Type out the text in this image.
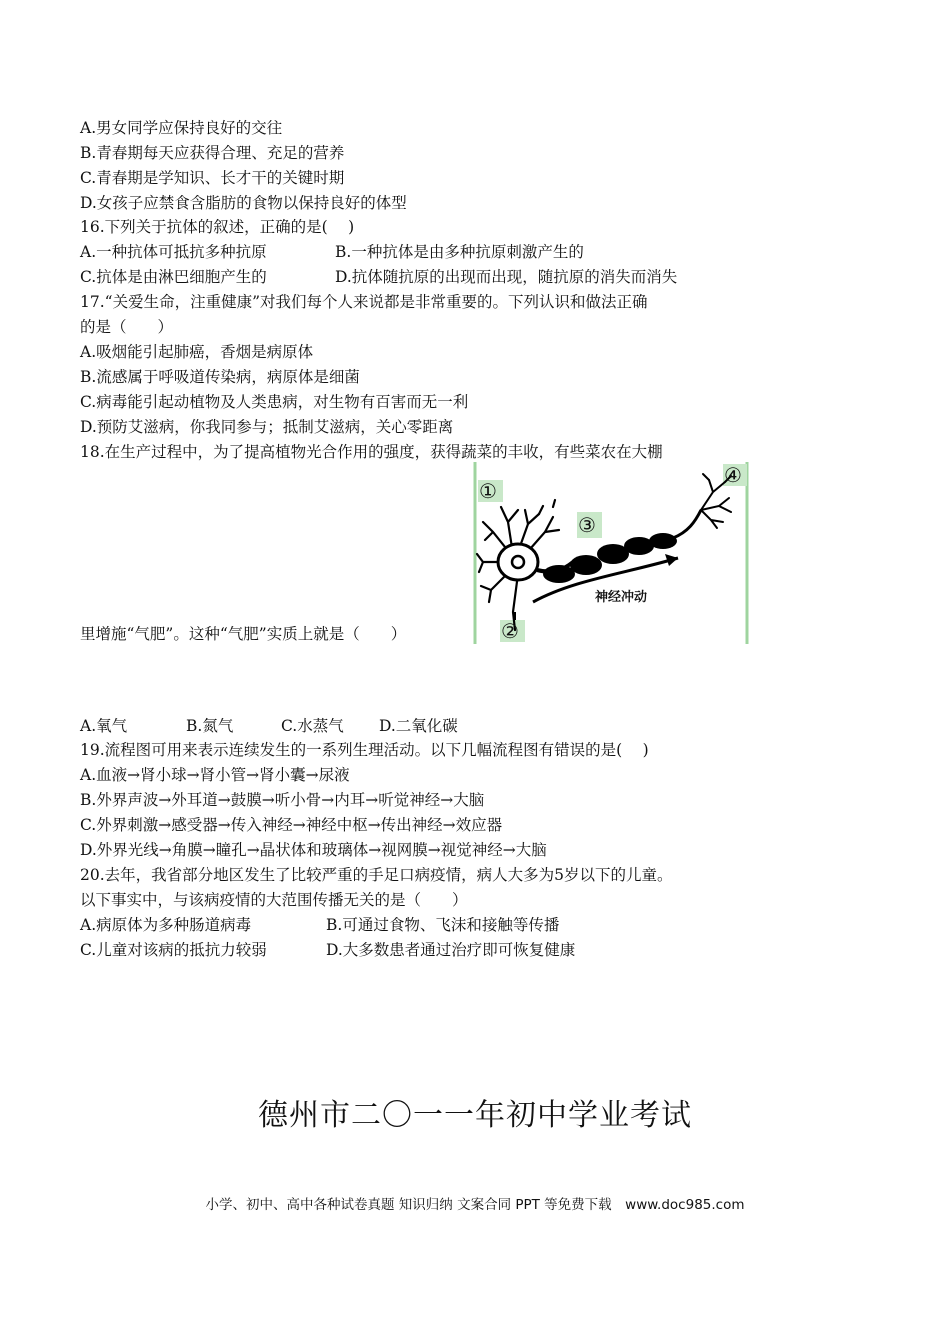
A.男女同学应保持良好的交往
B.青春期每天应获得合理、充足的营养
C.青春期是学知识、长才干的关键时期
D.女孩子应禁食含脂肪的食物以保持良好的体型
16.下列关于抗体的叙述，正确的是(　 )
A.一种抗体可抵抗多种抗原	B.一种抗体是由多种抗原刺激产生的
C.抗体是由淋巴细胞产生的	D.抗体随抗原的出现而出现，随抗原的消失而消失
17.“关爱生命，注重健康”对我们每个人来说都是非常重要的。下列认识和做法正确
的是（　　）
A.吸烟能引起肺癌，香烟是病原体
B.流感属于呼吸道传染病，病原体是细菌
C.病毒能引起动植物及人类患病，对生物有百害而无一利
D.预防艾滋病，你我同参与；抵制艾滋病，关心零距离
18.在生产过程中，为了提高植物光合作用的强度，获得蔬菜的丰收，有些菜农在大棚
里增施“气肥”。这种“气肥”实质上就是（　　）
A.氧气	B.氮气	C.水蒸气 D.二氧化碳
19.流程图可用来表示连续发生的一系列生理活动。以下几幅流程图有错误的是(　 )
A.血液→肾小球→肾小管→肾小囊→尿液
B.外界声波→外耳道→鼓膜→听小骨→内耳→听觉神经→大脑
C.外界刺激→感受器→传入神经→神经中枢→传出神经→效应器
D.外界光线→角膜→瞳孔→晶状体和玻璃体→视网膜→视觉神经→大脑
20.去年，我省部分地区发生了比较严重的手足口病疫情，病人大多为5岁以下的儿童。
以下事实中，与该病疫情的大范围传播无关的是（　　）
A.病原体为多种肠道病毒	B.可通过食物、飞沫和接触等传播
C.儿童对该病的抵抗力较弱	D.大多数患者通过治疗即可恢复健康
①
②
③
④
神经冲动
德州市二〇一一年初中学业考试
小学、初中、高中各种试卷真题 知识归纳 文案合同 PPT 等免费下载　www.doc985.com
